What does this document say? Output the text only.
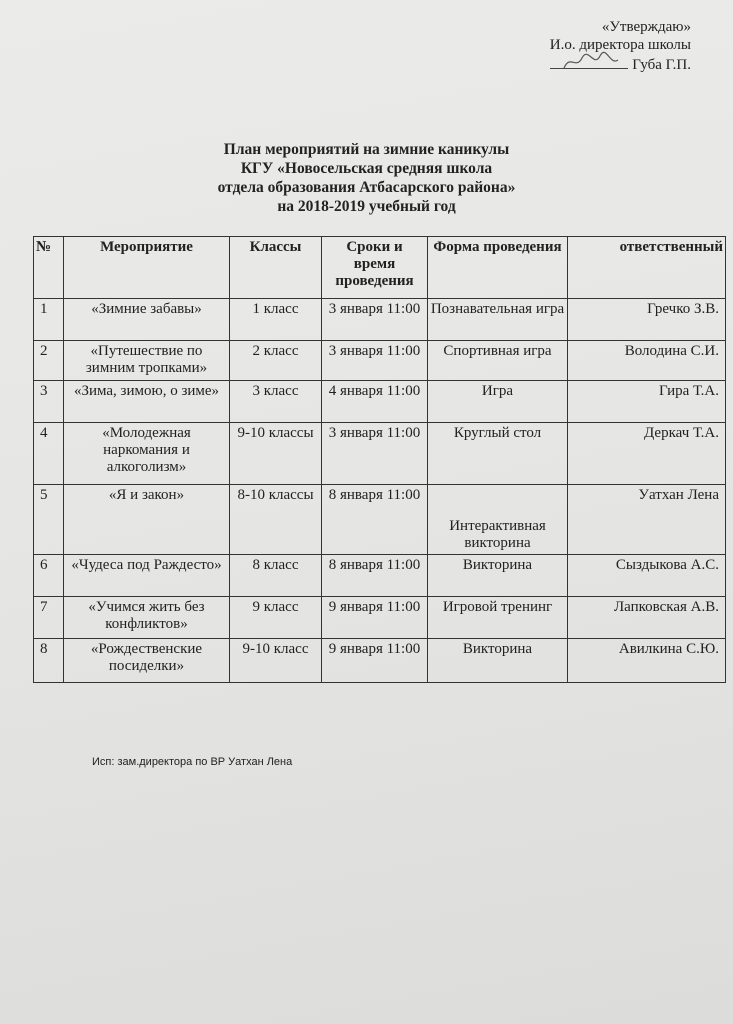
«Утверждаю»
И.о. директора школы
Губа Г.П.
План мероприятий на зимние каникулы
КГУ «Новосельская средняя школа
отдела образования Атбасарского района»
на 2018-2019 учебный год
№	Мероприятие	Классы	Сроки и время проведения	Форма проведения	ответственный
1	«Зимние забавы»	1 класс	3 января 11:00	Познавательная игра	Гречко З.В.
2	«Путешествие по зимним тропками»	2 класс	3 января 11:00	Спортивная игра	Володина С.И.
3	«Зима, зимою, о зиме»	3 класс	4 января 11:00	Игра	Гира Т.А.
4	«Молодежная наркомания и алкоголизм»	9-10 классы	3 января 11:00	Круглый стол	Деркач Т.А.
5	«Я и закон»	8-10 классы	8 января 11:00	Интерактивная викторина	Уатхан Лена
6	«Чудеса под Раждесто»	8 класс	8 января 11:00	Викторина	Сыздыкова А.С.
7	«Учимся жить без конфликтов»	9 класс	9 января 11:00	Игровой тренинг	Лапковская А.В.
8	«Рождественские посиделки»	9-10 класс	9 января 11:00	Викторина	Авилкина С.Ю.
Исп: зам.директора по ВР Уатхан Лена
